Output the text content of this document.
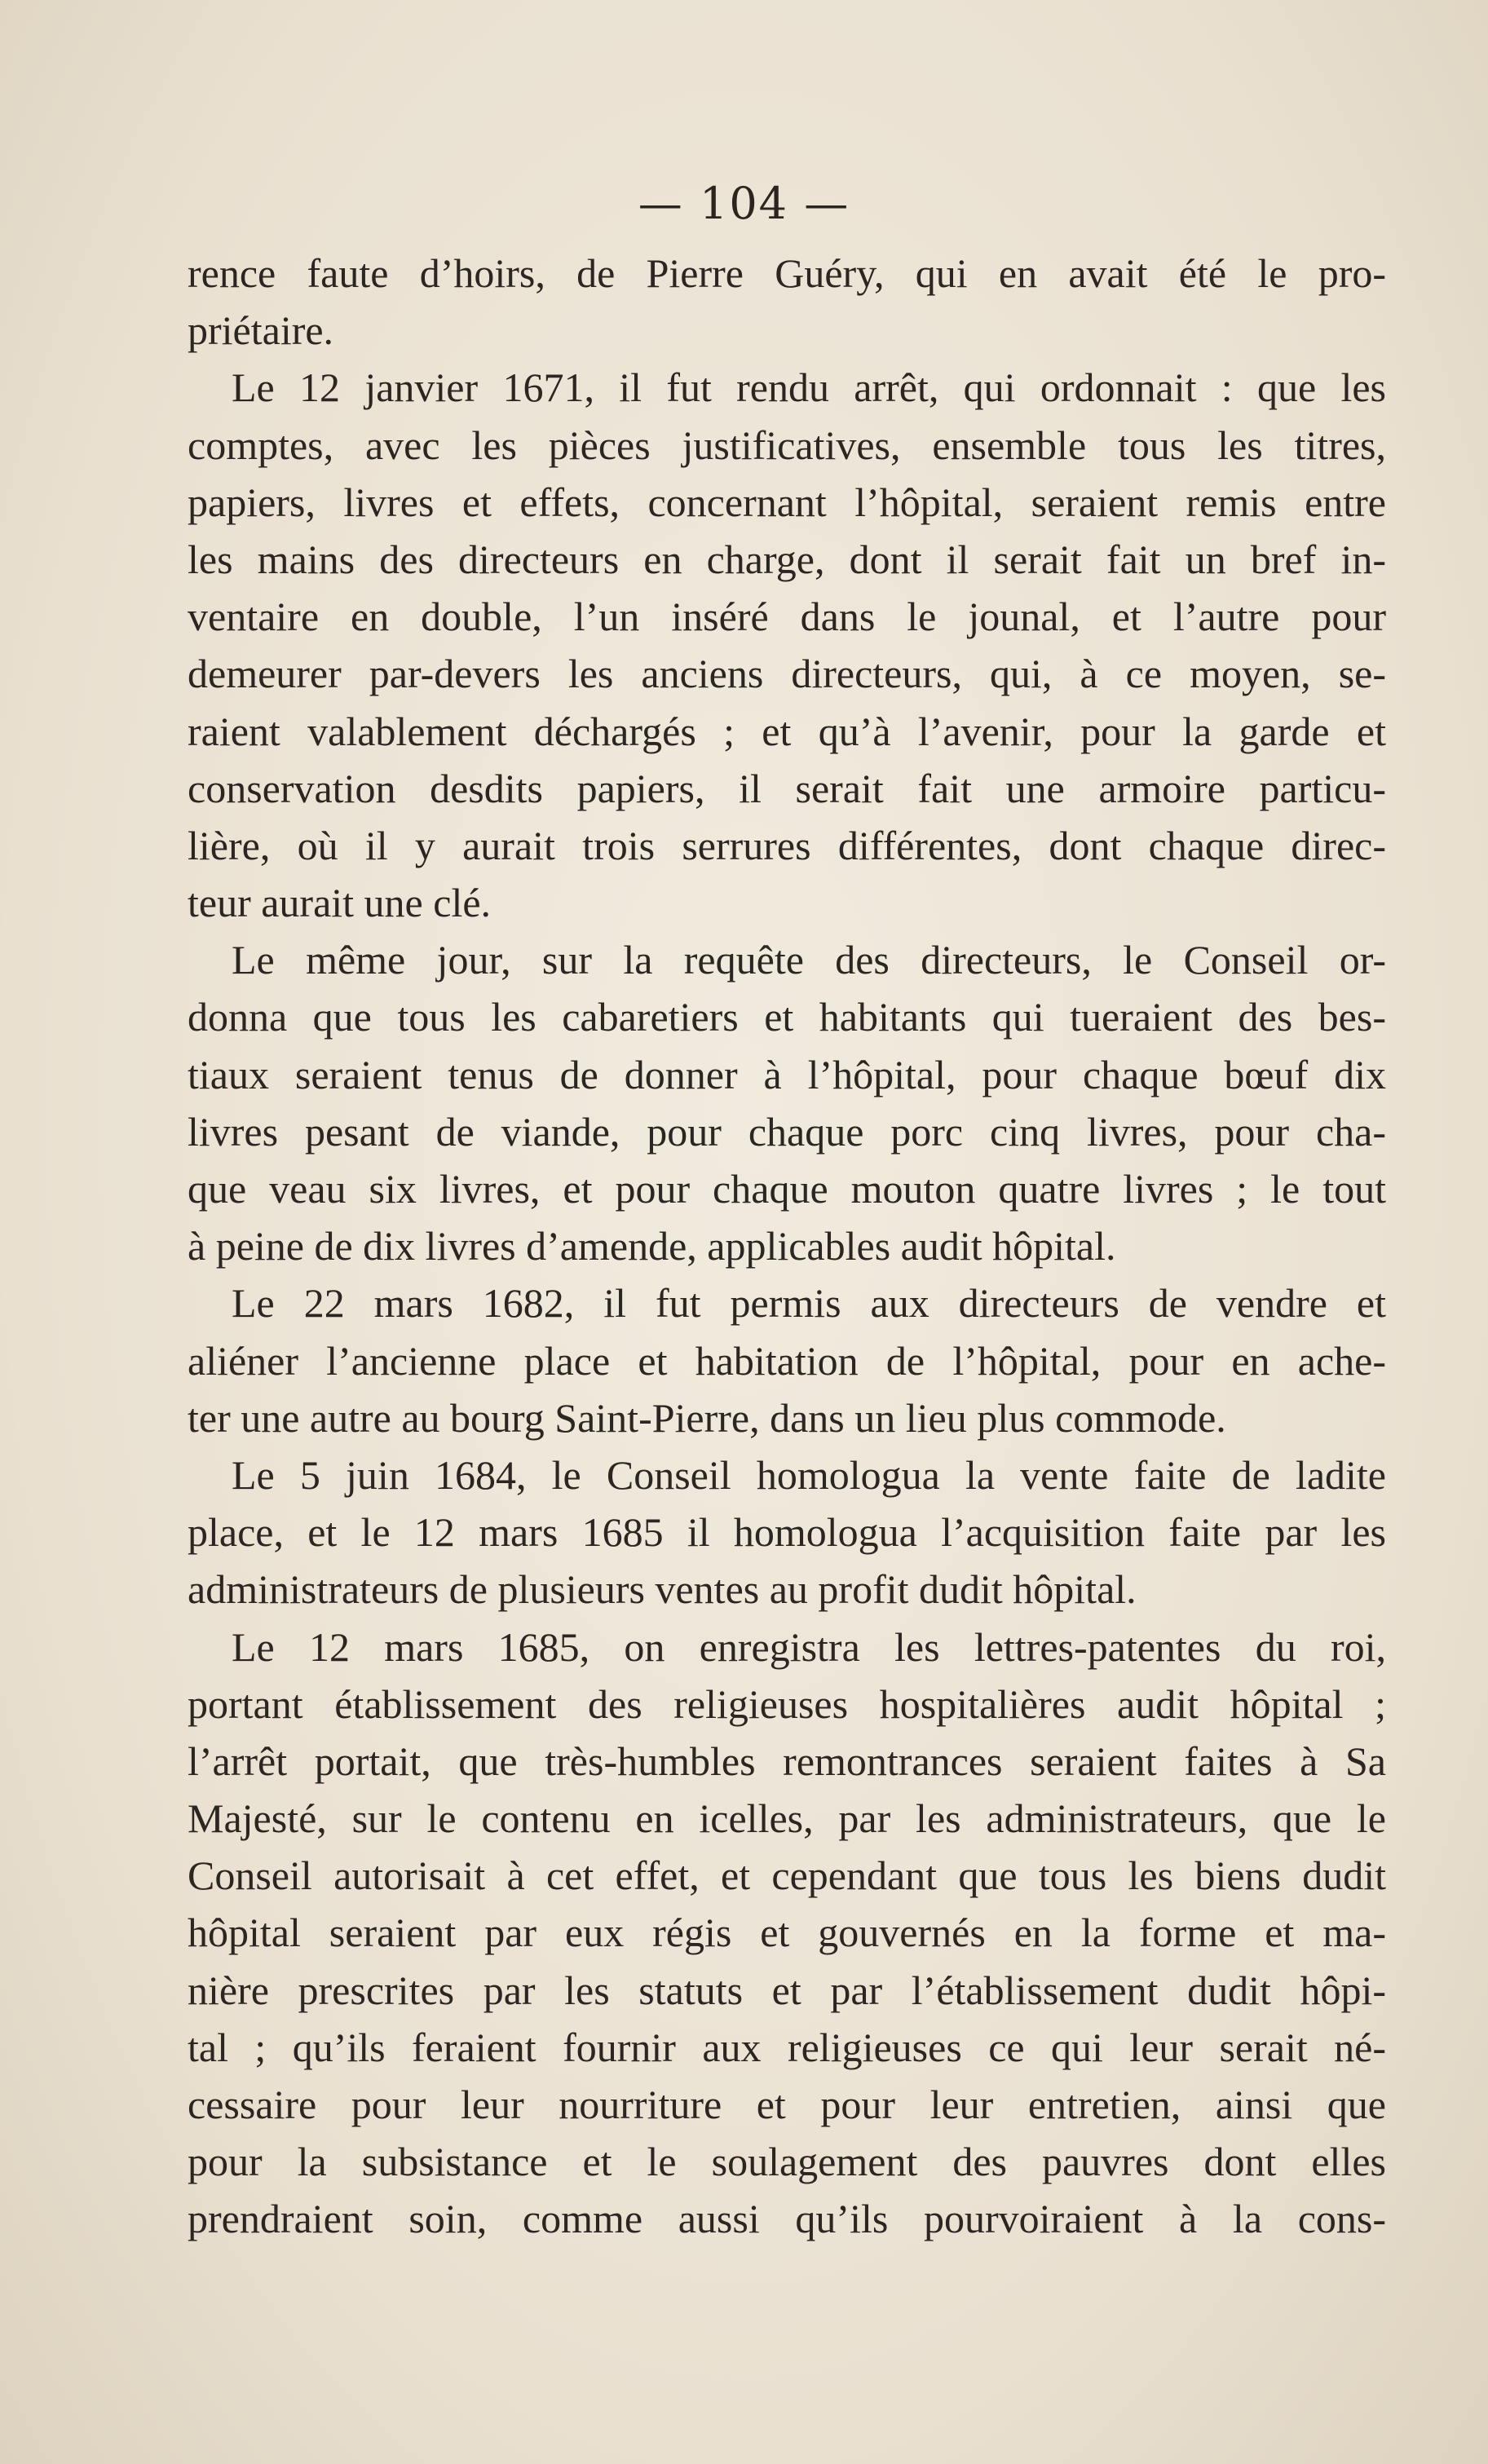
— 104 —
rence faute d’hoirs, de Pierre Guéry, qui en avait été le pro-
priétaire.
Le 12 janvier 1671, il fut rendu arrêt, qui ordonnait : que les
comptes, avec les pièces justificatives, ensemble tous les titres,
papiers, livres et effets, concernant l’hôpital, seraient remis entre
les mains des directeurs en charge, dont il serait fait un bref in-
ventaire en double, l’un inséré dans le jounal, et l’autre pour
demeurer par-devers les anciens directeurs, qui, à ce moyen, se-
raient valablement déchargés ; et qu’à l’avenir, pour la garde et
conservation desdits papiers, il serait fait une armoire particu-
lière, où il y aurait trois serrures différentes, dont chaque direc-
teur aurait une clé.
Le même jour, sur la requête des directeurs, le Conseil or-
donna que tous les cabaretiers et habitants qui tueraient des bes-
tiaux seraient tenus de donner à l’hôpital, pour chaque bœuf dix
livres pesant de viande, pour chaque porc cinq livres, pour cha-
que veau six livres, et pour chaque mouton quatre livres ; le tout
à peine de dix livres d’amende, applicables audit hôpital.
Le 22 mars 1682, il fut permis aux directeurs de vendre et
aliéner l’ancienne place et habitation de l’hôpital, pour en ache-
ter une autre au bourg Saint-Pierre, dans un lieu plus commode.
Le 5 juin 1684, le Conseil homologua la vente faite de ladite
place, et le 12 mars 1685 il homologua l’acquisition faite par les
administrateurs de plusieurs ventes au profit dudit hôpital.
Le 12 mars 1685, on enregistra les lettres-patentes du roi,
portant établissement des religieuses hospitalières audit hôpital ;
l’arrêt portait, que très-humbles remontrances seraient faites à Sa
Majesté, sur le contenu en icelles, par les administrateurs, que le
Conseil autorisait à cet effet, et cependant que tous les biens dudit
hôpital seraient par eux régis et gouvernés en la forme et ma-
nière prescrites par les statuts et par l’établissement dudit hôpi-
tal ; qu’ils feraient fournir aux religieuses ce qui leur serait né-
cessaire pour leur nourriture et pour leur entretien, ainsi que
pour la subsistance et le soulagement des pauvres dont elles
prendraient soin, comme aussi qu’ils pourvoiraient à la cons-
